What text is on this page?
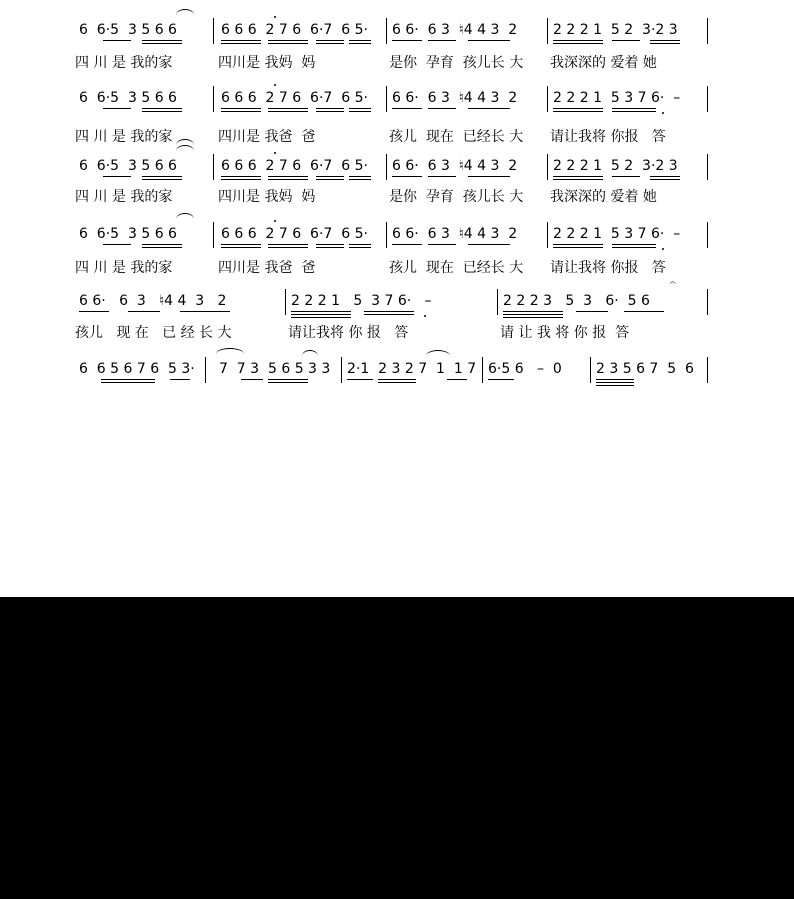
6  6·5  3 5 6 6	6 6 6  2 7 6  6·7  6 5· 6 6·  6 3  ♮4 4 3  2	2 2 2 1  5 2  3·2 3
四 川 是 我的家	四川是 我妈  妈	是你  孕育  孩儿长 大 我深深的 爱着 她
6  6·5  3 5 6 6	6 6 6  2 7 6  6·7  6 5· 6 6·  6 3  ♮4 4 3  2	2 2 2 1  5 3 7 6·  –
四 川 是 我的家	四川是 我爸  爸	孩儿  现在  已经长 大 请让我将 你报   答
6  6·5  3 5 6 6	6 6 6  2 7 6  6·7  6 5· 6 6·  6 3  ♮4 4 3  2	2 2 2 1  5 2  3·2 3
四 川 是 我的家	四川是 我妈  妈	是你  孕育  孩儿长 大 我深深的 爱着 她
6  6·5  3 5 6 6	6 6 6  2 7 6  6·7  6 5· 6 6·  6 3  ♮4 4 3  2	2 2 2 1  5 3 7 6·  –
四 川 是 我的家	四川是 我爸  爸	孩儿  现在  已经长 大 请让我将 你报   答
6 6·   6  3   ♮4 4  3   2	2 2 2 1   5  3 7 6·   –	2 2 2 3   5  3   6·  5 6
𝄐
孩儿   现 在   已 经 长 大	请让我将 你 报   答	请 让 我 将 你 报  答
6  6 5 6 7 6  5 3· 7  7 3  5 6 5 3 3 2·1  2 3 2 7  1  1 7 6·5 6   –  0 2 3 5 6 7  5  6
